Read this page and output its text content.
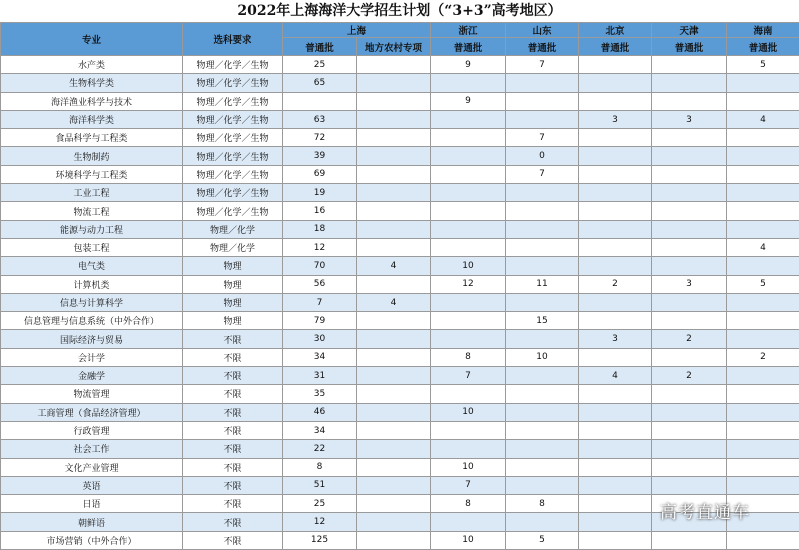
2022年上海海洋大学招生计划（“3+3”高考地区）
专业	选科要求	上海		浙江	山东	北京	天津	海南
		普通批	地方农村专项	普通批	普通批	普通批	普通批	普通批
水产类	物理／化学／生物	25		9	7			5
生物科学类	物理／化学／生物	65						
海洋渔业科学与技术	物理／化学／生物			9				
海洋科学类	物理／化学／生物	63				3	3	4
食品科学与工程类	物理／化学／生物	72			7			
生物制药	物理／化学／生物	39			0			
环境科学与工程类	物理／化学／生物	69			7			
工业工程	物理／化学／生物	19						
物流工程	物理／化学／生物	16						
能源与动力工程	物理／化学	18						
包装工程	物理／化学	12						4
电气类	物理	70	4	10				
计算机类	物理	56		12	11	2	3	5
信息与计算科学	物理	7	4					
信息管理与信息系统（中外合作）	物理	79			15			
国际经济与贸易	不限	30				3	2	
会计学	不限	34		8	10			2
金融学	不限	31		7		4	2	
物流管理	不限	35						
工商管理（食品经济管理）	不限	46		10				
行政管理	不限	34						
社会工作	不限	22						
文化产业管理	不限	8		10				
英语	不限	51		7				
日语	不限	25		8	8			
朝鲜语	不限	12						
市场营销（中外合作）	不限	125		10	5			
高考直通车
